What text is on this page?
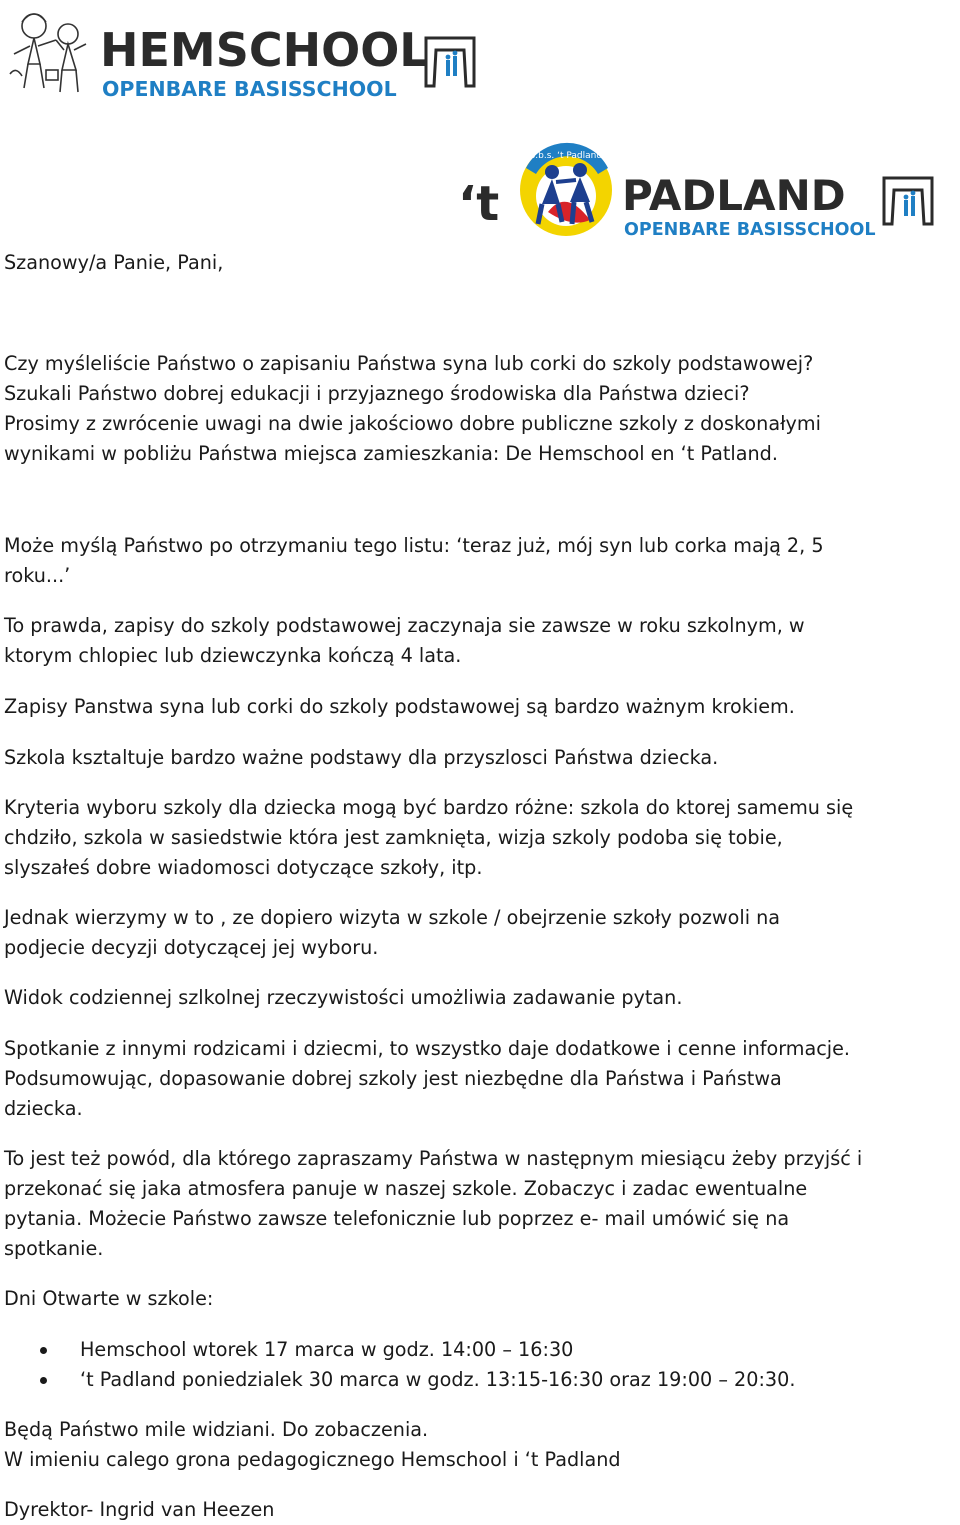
HEMSCHOOL
OPENBARE BASISSCHOOL
‘t
o.b.s. ‘t Padland
PADLAND
OPENBARE BASISSCHOOL
Szanowy/a Panie, Pani,

Czy myśleliście Państwo o zapisaniu Państwa syna lub corki do szkoly podstawowej?

Szukali Państwo dobrej edukacji i przyjaznego środowiska dla Państwa dzieci?

Prosimy z zwrócenie uwagi na dwie jakościowo dobre publiczne szkoly z doskonałymi

wynikami w pobliżu Państwa miejsca zamieszkania: De Hemschool en ‘t Patland.

Może myślą Państwo po otrzymaniu tego listu: ‘teraz już, mój syn lub corka mają 2, 5

roku...’

To prawda, zapisy do szkoly podstawowej zaczynaja sie zawsze w roku szkolnym, w

ktorym chlopiec lub dziewczynka kończą 4 lata.

Zapisy Panstwa syna lub corki do szkoly podstawowej są bardzo ważnym krokiem.
Szkola ksztaltuje bardzo ważne podstawy dla przyszlosci Państwa dziecka.

Kryteria wyboru szkoly dla dziecka mogą być bardzo różne: szkola do ktorej samemu się

chdziło, szkola w sasiedstwie która jest zamknięta, wizja szkoly podoba się tobie,

slyszałeś dobre wiadomosci dotyczące szkoły, itp.

Jednak wierzymy w to , ze dopiero wizyta w szkole / obejrzenie szkoły pozwoli na

podjecie decyzji dotyczącej jej wyboru.

Widok codziennej szlkolnej rzeczywistości umożliwia zadawanie pytan.

Spotkanie z innymi rodzicami i dziecmi, to wszystko daje dodatkowe i cenne informacje.

Podsumowując, dopasowanie dobrej szkoly jest niezbędne dla Państwa i Państwa

dziecka.

To jest też powód, dla którego zapraszamy Państwa w następnym miesiącu żeby przyjść i

przekonać się jaka atmosfera panuje w naszej szkole. Zobaczyc i zadac ewentualne

pytania. Możecie Państwo zawsze telefonicznie lub poprzez e- mail umówić się na

spotkanie.

Dni Otwarte w szkole:
Hemschool wtorek 17 marca w godz. 14:00 – 16:30
‘t Padland poniedzialek 30 marca w godz. 13:15-16:30 oraz 19:00 – 20:30.

Będą Państwo mile widziani. Do zobaczenia.

W imieniu calego grona pedagogicznego Hemschool i ‘t Padland

Dyrektor- Ingrid van Heezen
